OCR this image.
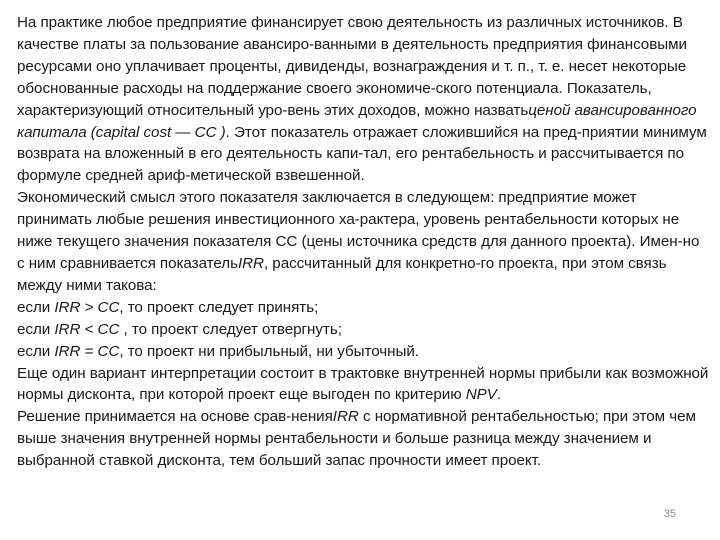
На практике любое предприятие финансирует свою деятельность из различных источников. В качестве платы за пользование авансиро-ванными в деятельность предприятия финансовыми ресурсами оно уплачивает проценты, дивиденды, вознаграждения и т. п., т. е. несет некоторые обоснованные расходы на поддержание своего экономиче-ского потенциала. Показатель, характеризующий относительный уро-вень этих доходов, можно назватьценой авансированного капитала (capital cost — CC ). Этот показатель отражает сложившийся на пред-приятии минимум возврата на вложенный в его деятельность капи-тал, его рентабельность и рассчитывается по формуле средней ариф-метической взвешенной.

Экономический смысл этого показателя заключается в следующем: предприятие может принимать любые решения инвестиционного ха-рактера, уровень рентабельности которых не ниже текущего значения показателя СС (цены источника средств для данного проекта). Имен-но с ним сравнивается показательIRR, рассчитанный для конкретно-го проекта, при этом связь между ними такова:

если IRR > CC, то проект следует принять;

если IRR < CC , то проект следует отвергнуть;

если IRR = CC, то проект ни прибыльный, ни убыточный.

Еще один вариант интерпретации состоит в трактовке внутренней нормы прибыли как возможной нормы дисконта, при которой проект еще выгоден по критерию NPV.

Решение принимается на основе срав-ненияIRR с нормативной рентабельностью; при этом чем выше значения внутренней нормы рентабельности и больше разница между значением и выбранной ставкой дисконта, тем больший запас прочности имеет проект.

35
